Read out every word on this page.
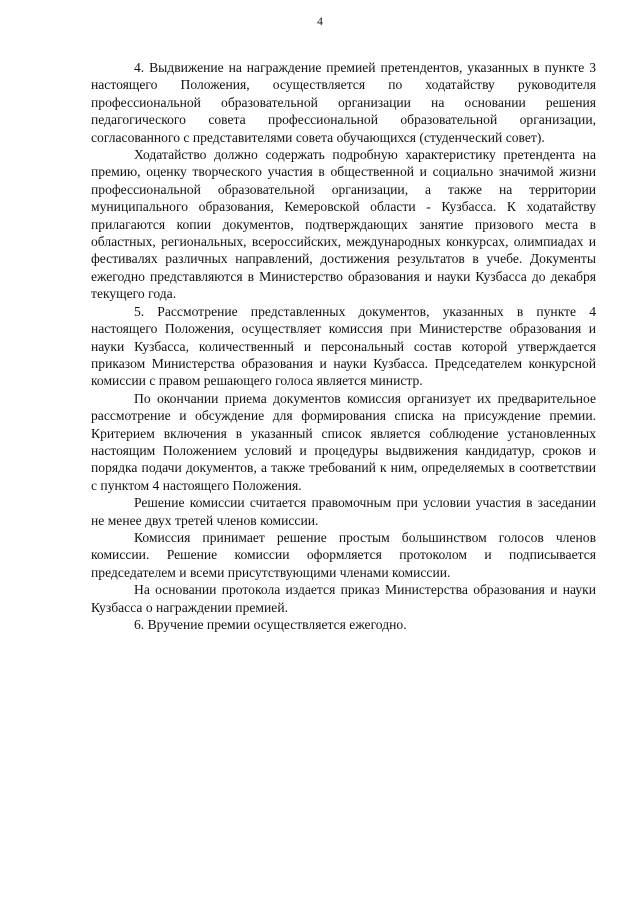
4

4. Выдвижение на награждение премией претендентов, указанных в пункте 3 настоящего Положения, осуществляется по ходатайству руководителя профессиональной образовательной организации на основании решения педагогического совета профессиональной образовательной организации, согласованного с представителями совета обучающихся (студенческий совет).

Ходатайство должно содержать подробную характеристику претендента на премию, оценку творческого участия в общественной и социально значимой жизни профессиональной образовательной организации, а также на территории муниципального образования, Кемеровской области - Кузбасса. К ходатайству прилагаются копии документов, подтверждающих занятие призового места в областных, региональных, всероссийских, международных конкурсах, олимпиадах и фестивалях различных направлений, достижения результатов в учебе. Документы ежегодно представляются в Министерство образования и науки Кузбасса до декабря текущего года.

5. Рассмотрение представленных документов, указанных в пункте 4 настоящего Положения, осуществляет комиссия при Министерстве образования и науки Кузбасса, количественный и персональный состав которой утверждается приказом Министерства образования и науки Кузбасса. Председателем конкурсной комиссии с правом решающего голоса является министр.

По окончании приема документов комиссия организует их предварительное рассмотрение и обсуждение для формирования списка на присуждение премии. Критерием включения в указанный список является соблюдение установленных настоящим Положением условий и процедуры выдвижения кандидатур, сроков и порядка подачи документов, а также требований к ним, определяемых в соответствии с пунктом 4 настоящего Положения.

Решение комиссии считается правомочным при условии участия в заседании не менее двух третей членов комиссии.

Комиссия принимает решение простым большинством голосов членов комиссии. Решение комиссии оформляется протоколом и подписывается председателем и всеми присутствующими членами комиссии.

На основании протокола издается приказ Министерства образования и науки Кузбасса о награждении премией.

6. Вручение премии осуществляется ежегодно.
